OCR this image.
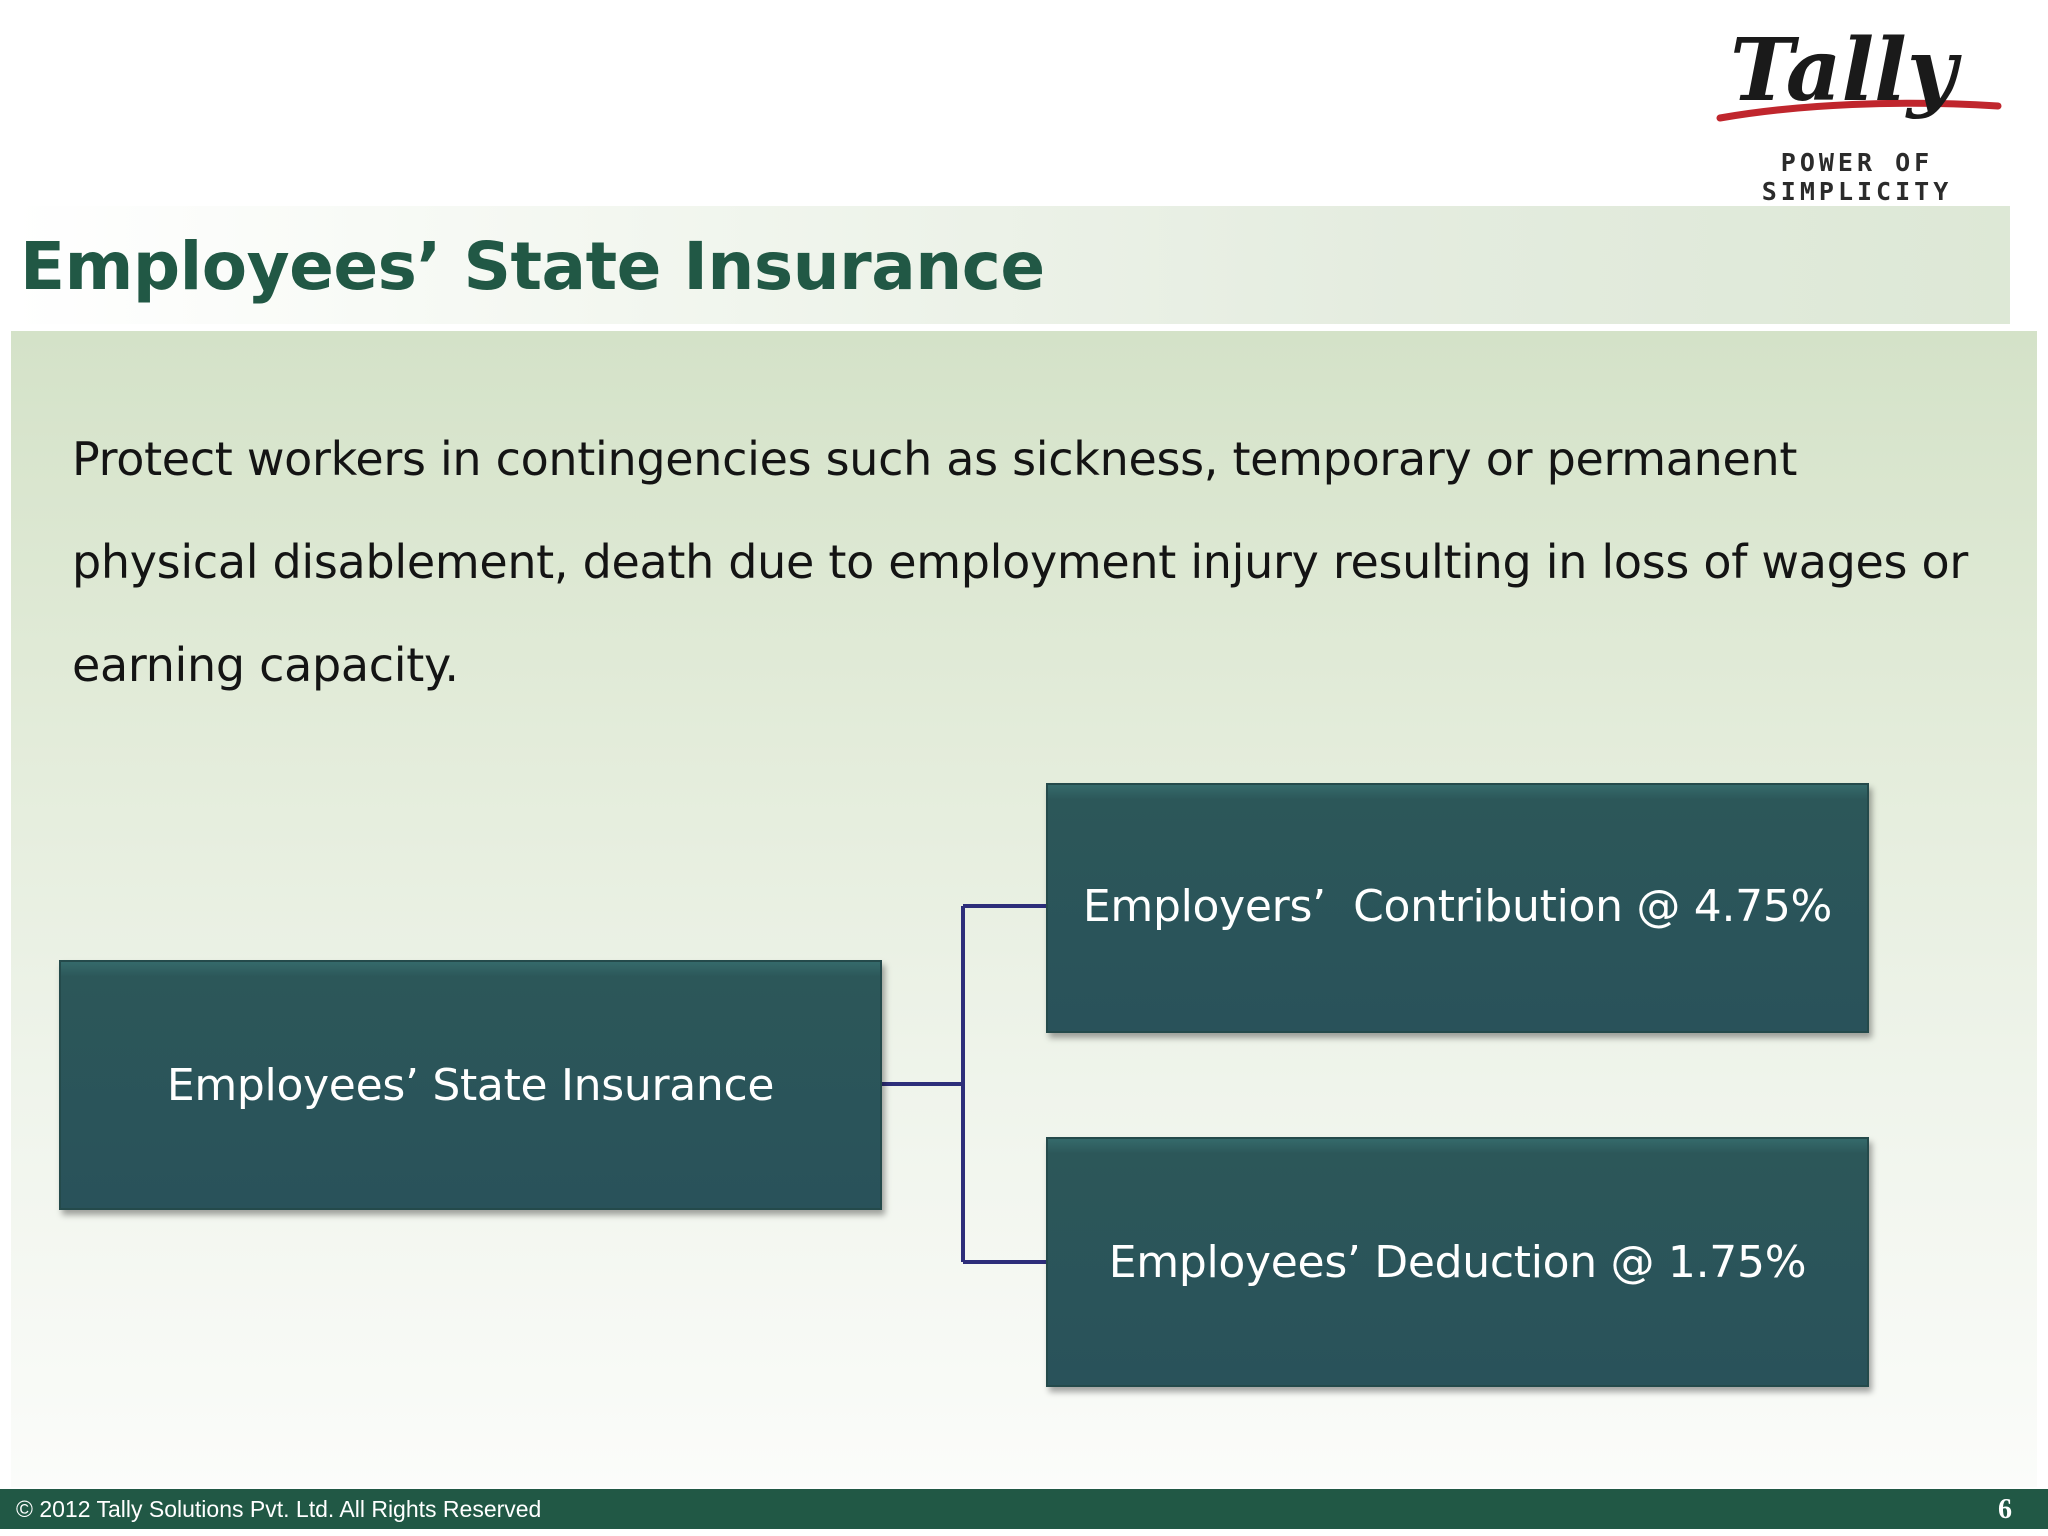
Tally
POWER OF SIMPLICITY
Employees’ State Insurance

Protect workers in contingencies such as sickness, temporary or permanent physical disablement, death due to employment injury resulting in loss of wages or earning capacity.

Employees’ State Insurance
Employers’  Contribution @ 4.75%
Employees’ Deduction @ 1.75%
© 2012 Tally Solutions Pvt. Ltd. All Rights Reserved	6
